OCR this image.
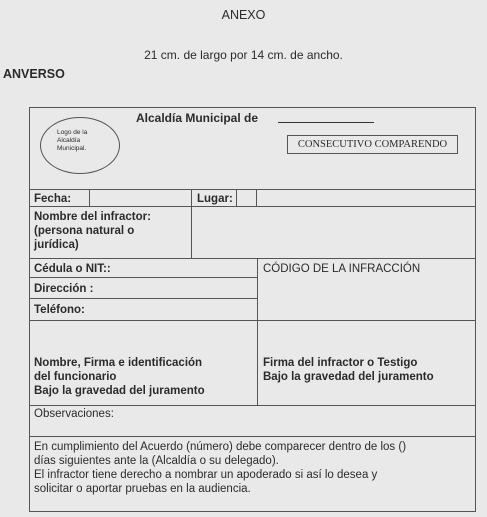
ANEXO
21 cm. de largo por 14 cm. de ancho.
ANVERSO
Logo de la
Alcaldía
Municipal.
Alcaldía Municipal de
CONSECUTIVO COMPARENDO
Fecha:	Lugar:
Nombre del infractor:
(persona natural o
jurídica)
Cédula o NIT::	CÓDIGO DE LA INFRACCIÓN
Dirección :
Teléfono:
Nombre, Firma e identificación
del funcionario
Bajo la gravedad del juramento
Firma del infractor o Testigo
Bajo la gravedad del juramento
Observaciones:
En cumplimiento del Acuerdo (número) debe comparecer dentro de los ()
días siguientes ante la (Alcaldía o su delegado).
El infractor tiene derecho a nombrar un apoderado si así lo desea y
solicitar o aportar pruebas en la audiencia.
